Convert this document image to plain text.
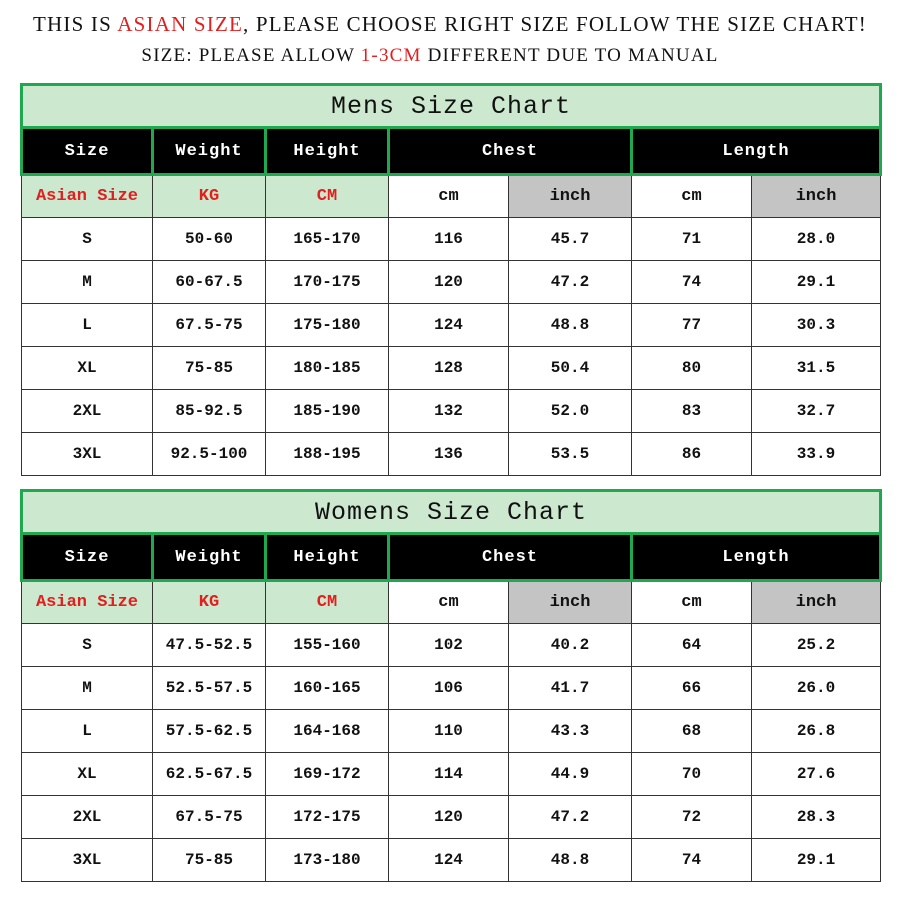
THIS IS ASIAN SIZE, PLEASE CHOOSE RIGHT SIZE FOLLOW THE SIZE CHART!
SIZE: PLEASE ALLOW 1-3CM DIFFERENT DUE TO MANUAL
Mens Size Chart						
Size	Weight	Height	Chest		Length	
Asian Size	KG	CM	cm	inch	cm	inch
S	50-60	165-170	116	45.7	71	28.0
M	60-67.5	170-175	120	47.2	74	29.1
L	67.5-75	175-180	124	48.8	77	30.3
XL	75-85	180-185	128	50.4	80	31.5
2XL	85-92.5	185-190	132	52.0	83	32.7
3XL	92.5-100	188-195	136	53.5	86	33.9
Womens Size Chart						
Size	Weight	Height	Chest		Length	
Asian Size	KG	CM	cm	inch	cm	inch
S	47.5-52.5	155-160	102	40.2	64	25.2
M	52.5-57.5	160-165	106	41.7	66	26.0
L	57.5-62.5	164-168	110	43.3	68	26.8
XL	62.5-67.5	169-172	114	44.9	70	27.6
2XL	67.5-75	172-175	120	47.2	72	28.3
3XL	75-85	173-180	124	48.8	74	29.1
